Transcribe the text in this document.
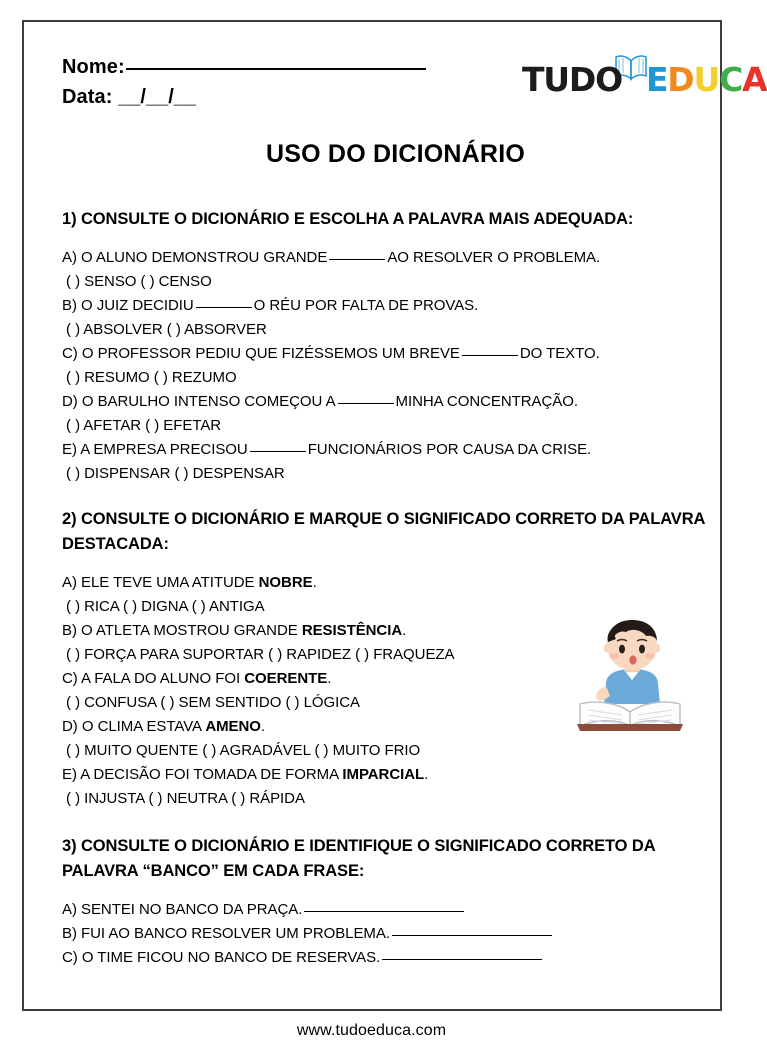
Nome:
Data: __/__/__	TUDO EDUCA
USO DO DICIONÁRIO
1) CONSULTE O DICIONÁRIO E ESCOLHA A PALAVRA MAIS ADEQUADA:
A) O ALUNO DEMONSTROU GRANDE	AO RESOLVER O PROBLEMA.
( ) SENSO ( ) CENSO
B) O JUIZ DECIDIU	O RÉU POR FALTA DE PROVAS.
( ) ABSOLVER ( ) ABSORVER
C) O PROFESSOR PEDIU QUE FIZÉSSEMOS UM BREVE	DO TEXTO.
( ) RESUMO ( ) REZUMO
D) O BARULHO INTENSO COMEÇOU A	MINHA CONCENTRAÇÃO.
( ) AFETAR ( ) EFETAR
E) A EMPRESA PRECISOU	FUNCIONÁRIOS POR CAUSA DA CRISE.
( ) DISPENSAR ( ) DESPENSAR
2) CONSULTE O DICIONÁRIO E MARQUE O SIGNIFICADO CORRETO DA PALAVRA DESTACADA:
A) ELE TEVE UMA ATITUDE NOBRE.
( ) RICA ( ) DIGNA ( ) ANTIGA
B) O ATLETA MOSTROU GRANDE RESISTÊNCIA.
( ) FORÇA PARA SUPORTAR ( ) RAPIDEZ ( ) FRAQUEZA
C) A FALA DO ALUNO FOI COERENTE.
( ) CONFUSA ( ) SEM SENTIDO ( ) LÓGICA
D) O CLIMA ESTAVA AMENO.
( ) MUITO QUENTE ( ) AGRADÁVEL ( ) MUITO FRIO
E) A DECISÃO FOI TOMADA DE FORMA IMPARCIAL.
( ) INJUSTA ( ) NEUTRA ( ) RÁPIDA
3) CONSULTE O DICIONÁRIO E IDENTIFIQUE O SIGNIFICADO CORRETO DA PALAVRA “BANCO” EM CADA FRASE:
A) SENTEI NO BANCO DA PRAÇA.
B) FUI AO BANCO RESOLVER UM PROBLEMA.
C) O TIME FICOU NO BANCO DE RESERVAS.
www.tudoeduca.com
